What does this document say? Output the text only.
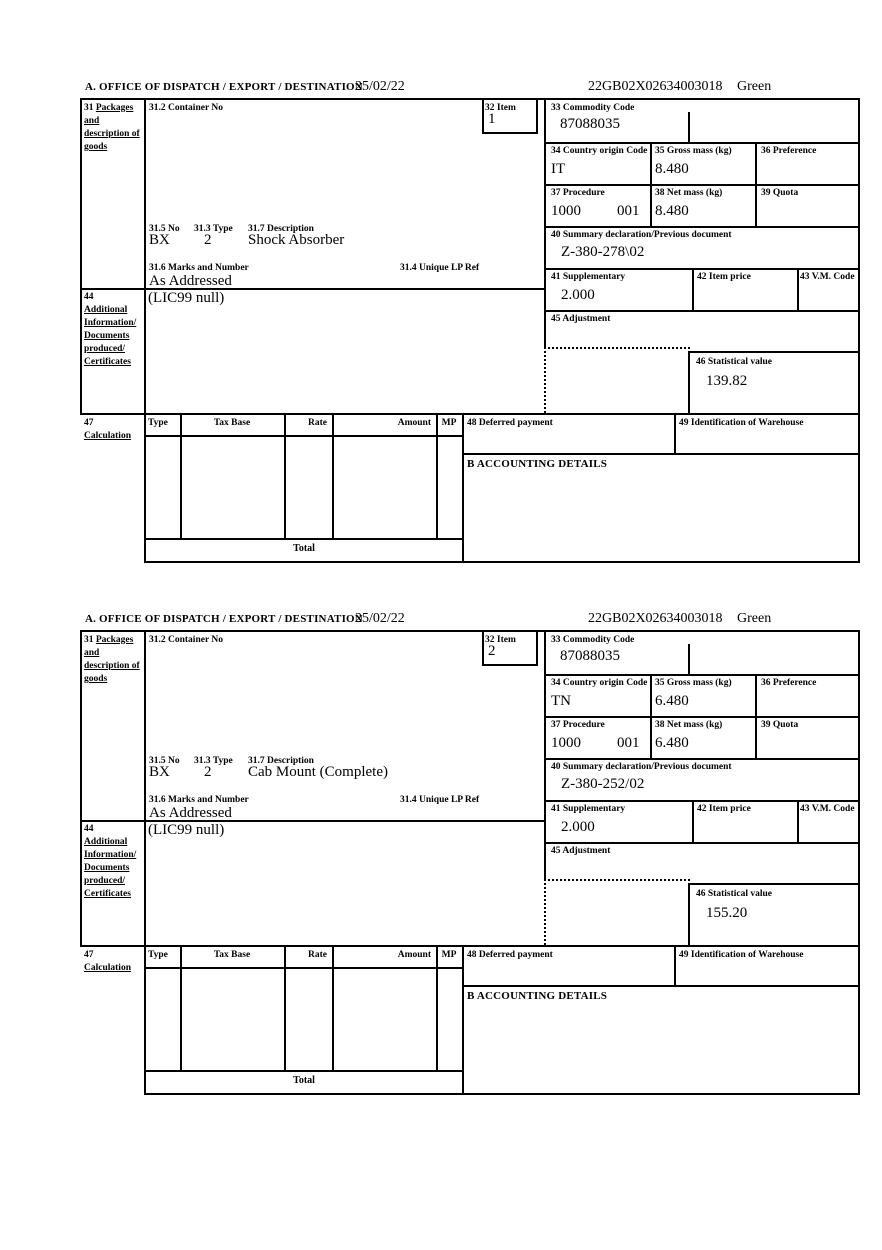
A. OFFICE OF DISPATCH / EXPORT / DESTINATION
25/02/22	22GB02X02634003018 Green
31 Packages and description of goods
44 Additional Information/ Documents produced/ Certificates
47 Calculation
31.2 Container No	32 Item
1
31.5 No 31.3 Type 31.7 Description
BX 2 Shock Absorber
31.6 Marks and Number	31.4 Unique LP Ref
As Addressed
(LIC99 null)
33 Commodity Code
87088035
34 Country origin Code
IT
35 Gross mass (kg)
8.480
36 Preference
37 Procedure
1000 001
38 Net mass (kg)
8.480
39 Quota
40 Summary declaration/Previous document
Z-380-278\02
41 Supplementary
2.000
42 Item price	43 V.M. Code
45 Adjustment
46 Statistical value
139.82
Type	Tax Base	Rate	Amount	MP
Total
48 Deferred payment	49 Identification of Warehouse
B ACCOUNTING DETAILS
A. OFFICE OF DISPATCH / EXPORT / DESTINATION
25/02/22	22GB02X02634003018 Green
31 Packages and description of goods
44 Additional Information/ Documents produced/ Certificates
47 Calculation
31.2 Container No	32 Item
2
31.5 No 31.3 Type 31.7 Description
BX 2 Cab Mount (Complete)
31.6 Marks and Number	31.4 Unique LP Ref
As Addressed
(LIC99 null)
33 Commodity Code
87088035
34 Country origin Code
TN
35 Gross mass (kg)
6.480
36 Preference
37 Procedure
1000 001
38 Net mass (kg)
6.480
39 Quota
40 Summary declaration/Previous document
Z-380-252/02
41 Supplementary
2.000
42 Item price	43 V.M. Code
45 Adjustment
46 Statistical value
155.20
Type	Tax Base	Rate	Amount	MP
Total
48 Deferred payment	49 Identification of Warehouse
B ACCOUNTING DETAILS
